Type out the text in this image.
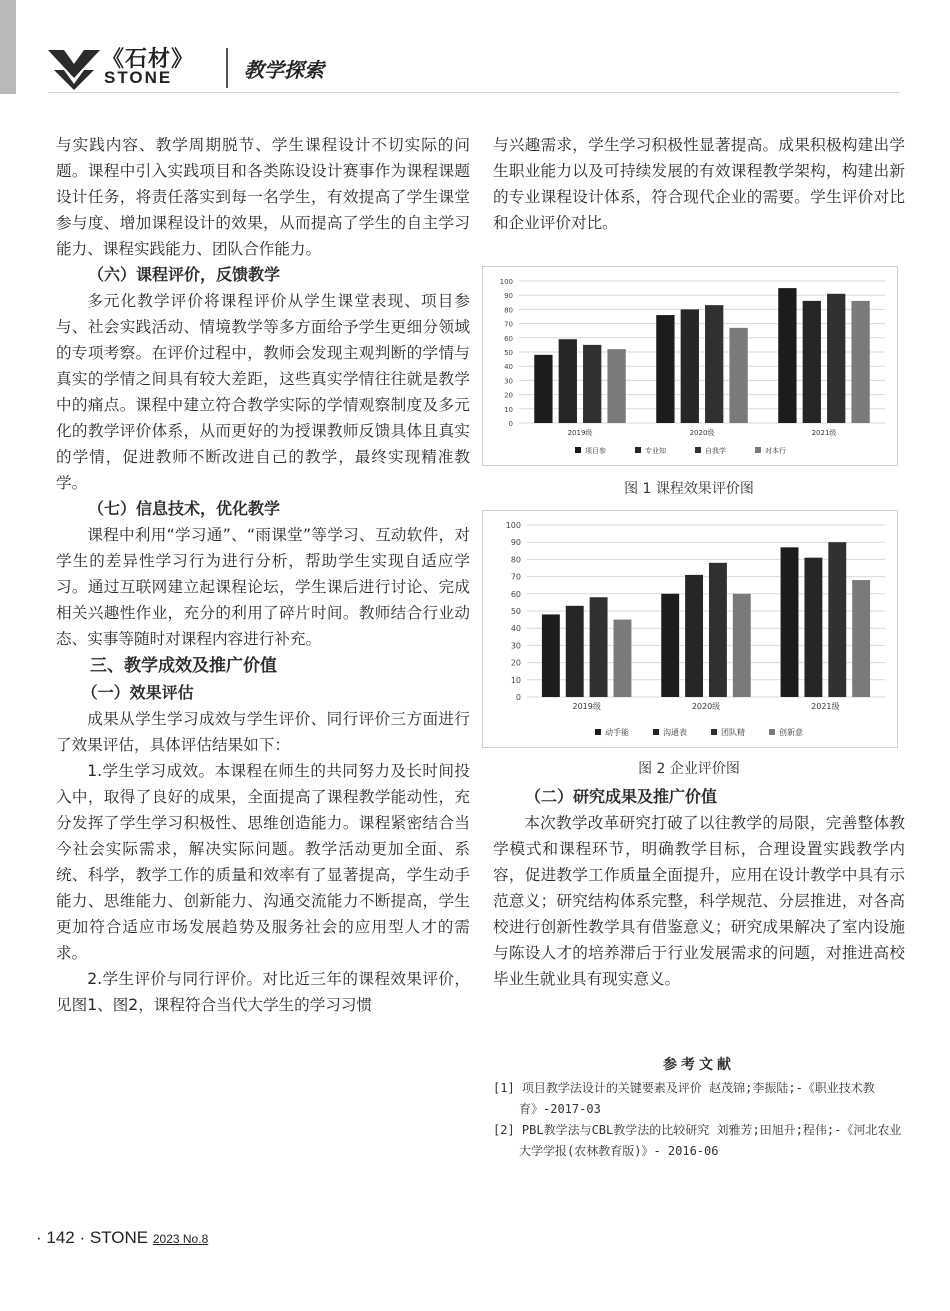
《石材》
STONE	教学探索

与实践内容、教学周期脱节、学生课程设计不切实际的问题。课程中引入实践项目和各类陈设设计赛事作为课程课题设计任务，将责任落实到每一名学生，有效提高了学生课堂参与度、增加课程设计的效果，从而提高了学生的自主学习能力、课程实践能力、团队合作能力。

（六）课程评价，反馈教学

多元化教学评价将课程评价从学生课堂表现、项目参与、社会实践活动、情境教学等多方面给予学生更细分领域的专项考察。在评价过程中，教师会发现主观判断的学情与真实的学情之间具有较大差距，这些真实学情往往就是教学中的痛点。课程中建立符合教学实际的学情观察制度及多元化的教学评价体系，从而更好的为授课教师反馈具体且真实的学情，促进教师不断改进自己的教学，最终实现精准教学。

（七）信息技术，优化教学

课程中利用“学习通”、“雨课堂”等学习、互动软件，对学生的差异性学习行为进行分析，帮助学生实现自适应学习。通过互联网建立起课程论坛，学生课后进行讨论、完成相关兴趣性作业，充分的利用了碎片时间。教师结合行业动态、实事等随时对课程内容进行补充。

三、教学成效及推广价值
（一）效果评估

成果从学生学习成效与学生评价、同行评价三方面进行了效果评估，具体评估结果如下：

1.学生学习成效。本课程在师生的共同努力及长时间投入中，取得了良好的成果，全面提高了课程教学能动性，充分发挥了学生学习积极性、思维创造能力。课程紧密结合当今社会实际需求，解决实际问题。教学活动更加全面、系统、科学，教学工作的质量和效率有了显著提高，学生动手能力、思维能力、创新能力、沟通交流能力不断提高，学生更加符合适应市场发展趋势及服务社会的应用型人才的需求。

2.学生评价与同行评价。对比近三年的课程效果评价，见图1、图2，课程符合当代大学生的学习习惯

与兴趣需求，学生学习积极性显著提高。成果积极构建出学生职业能力以及可持续发展的有效课程教学架构，构建出新的专业课程设计体系，符合现代企业的需要。学生评价对比和企业评价对比。

0
10
20
30
40
50
60
70
80
90
100
2019级	2020级	2021级
项目参	专业知	自我学	对本行
图 1 课程效果评价图
0
10
20
30
40
50
60
70
80
90
100
2019级	2020级	2021级
动手能	沟通表	团队精	创新意
图 2 企业评价图
（二）研究成果及推广价值

本次教学改革研究打破了以往教学的局限，完善整体教学模式和课程环节，明确教学目标，合理设置实践教学内容，促进教学工作质量全面提升，应用在设计教学中具有示范意义；研究结构体系完整，科学规范、分层推进，对各高校进行创新性教学具有借鉴意义；研究成果解决了室内设施与陈设人才的培养滞后于行业发展需求的问题，对推进高校毕业生就业具有现实意义。

参考文献
[1] 项目教学法设计的关键要素及评价 赵茂锦;李振陆;-《职业技术教育》-2017-03
[2] PBL教学法与CBL教学法的比较研究 刘雅芳;田旭升;程伟;-《河北农业大学学报(农林教育版)》- 2016-06
· 142 · STONE 2023 No.8
